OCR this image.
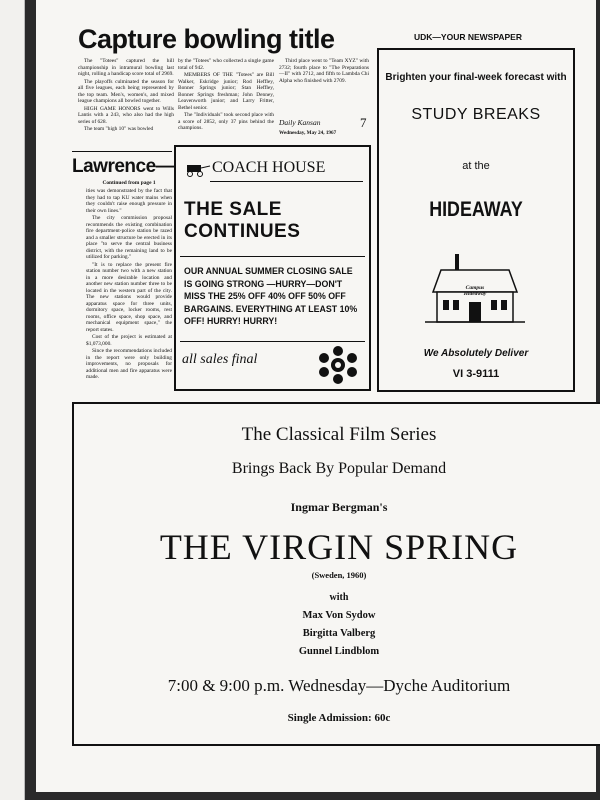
Capture bowling title

The "Totees" captured the hill championship in intramural bowling last night, rolling a handicap score total of 2969.

The playoffs culminated the season for all five leagues, each being represented by the top team. Men's, women's, and mixed league champions all bowled together.

HIGH GAME HONORS went to Wills Lantis with a 243, who also had the high series of 628.

The team "high 10" was bowled

by the "Totees" who collected a single game total of 942.

MEMBERS OF THE "Totees" are Bill Walker, Eskridge junior; Rod Heffley, Bonner Springs junior; Stan Heffley, Bonner Springs freshman; John Denney, Leavenworth junior; and Larry Fritter, Bethel senior.

The "Individuals" took second place with a score of 2852, only 37 pins behind the champions.

Third place went to "Team XYZ" with 2732; fourth place to "The Preparations—II" with 2712, and fifth to Lambda Chi Alpha who finished with 2709.

Daily Kansan	7
Wednesday, May 24, 1967
Lawrence—
Continued from page 1

ities was demonstrated by the fact that they had to tap KU water mains when they couldn't raise enough pressure in their own lines."

The city commission proposal recommends the existing combination fire department-police station be razed and a smaller structure be erected in its place "to serve the central business district, with the remaining land to be utilized for parking."

"It is to replace the present fire station number two with a new station in a more desirable location and another new station number three to be located in the western part of the city. The new stations would provide apparatus space for three units, dormitory space, locker rooms, rest rooms, office space, shop space, and mechanical equipment space," the report states.

Cost of the project is estimated at $1,073,000.

Since the recommendations included in the report were only building improvements, no proposals for additional men and fire apparatus were made.

COACH HOUSE
THE SALE
CONTINUES
OUR ANNUAL SUMMER CLOSING SALE IS GOING STRONG —HURRY—DON'T MISS THE 25% OFF 40% OFF 50% OFF BARGAINS. EVERYTHING AT LEAST 10% OFF! HURRY! HURRY!
all sales final
UDK—YOUR NEWSPAPER
Brighten your final-week forecast with
STUDY BREAKS
at the
HIDEAWAY
Campus Hideaway
We Absolutely Deliver
VI 3-9111
The Classical Film Series
Brings Back By Popular Demand
Ingmar Bergman's
THE VIRGIN SPRING
(Sweden, 1960)
with
Max Von Sydow
Birgitta Valberg
Gunnel Lindblom
7:00 & 9:00 p.m. Wednesday—Dyche Auditorium
Single Admission: 60c
